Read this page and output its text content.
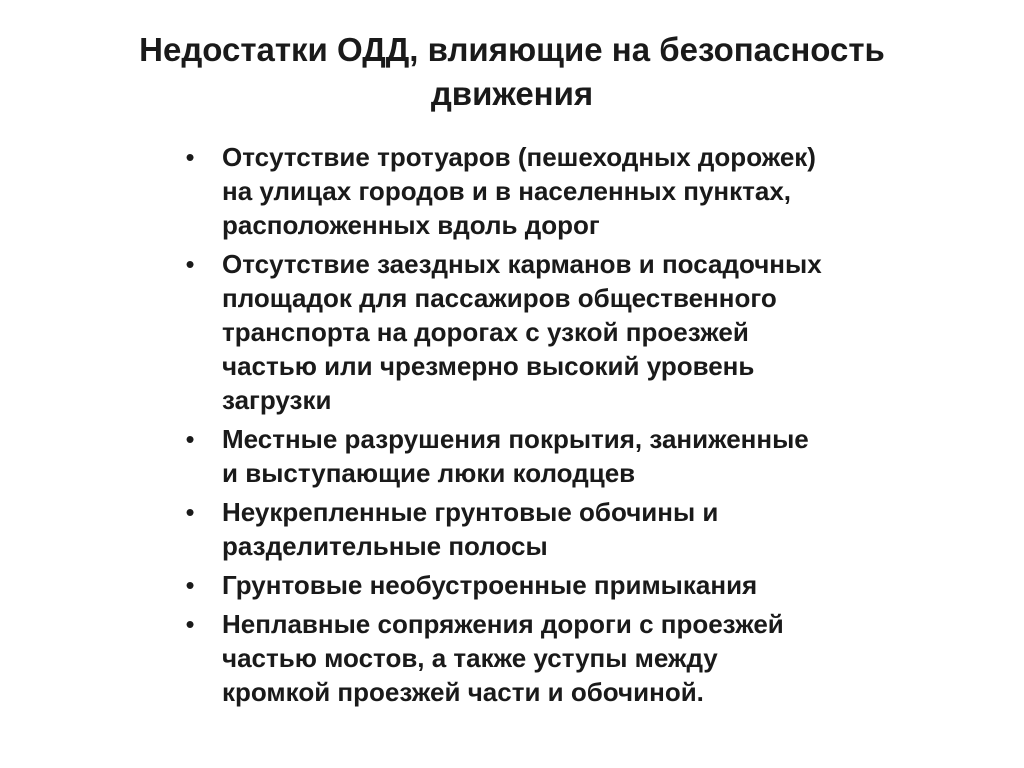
Недостатки ОДД, влияющие на безопасность
движения
• Отсутствие тротуаров (пешеходных дорожек)
на улицах городов и в населенных пунктах,
расположенных вдоль дорог
• Отсутствие заездных карманов и посадочных
площадок для пассажиров общественного
транспорта на дорогах с узкой проезжей
частью или чрезмерно высокий уровень
загрузки
• Местные разрушения покрытия, заниженные
и выступающие люки колодцев
• Неукрепленные грунтовые обочины и
разделительные полосы
• Грунтовые необустроенные примыкания
• Неплавные сопряжения дороги с проезжей
частью мостов, а также уступы между
кромкой проезжей части и обочиной.
